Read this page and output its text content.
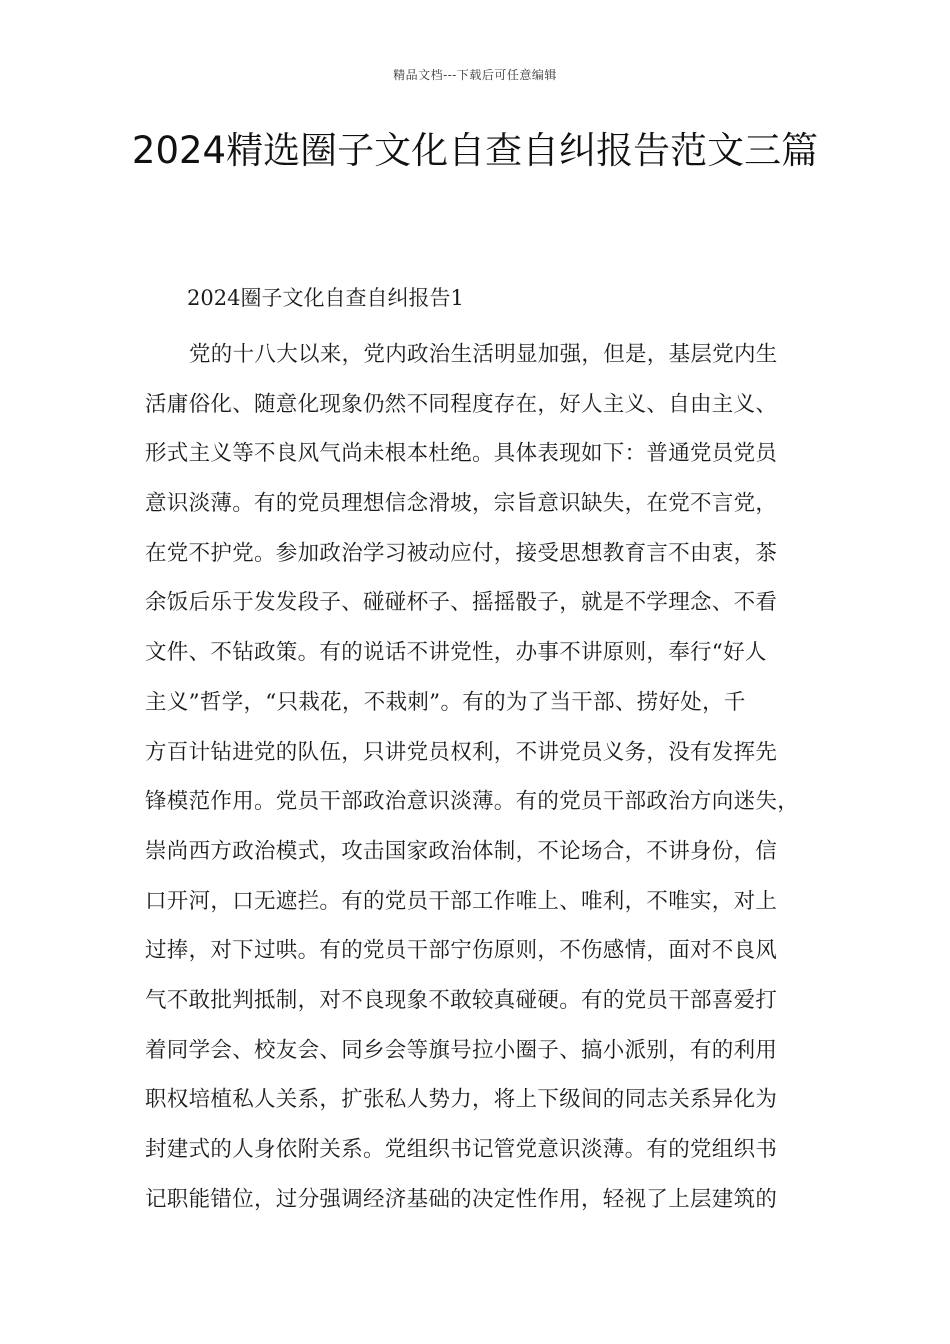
精品文档---下载后可任意编辑
2024精选圈子文化自查自纠报告范文三篇

2024圈子文化自查自纠报告1

党的十八大以来，党内政治生活明显加强，但是，基层党内生
活庸俗化、随意化现象仍然不同程度存在，好人主义、自由主义、
形式主义等不良风气尚未根本杜绝。具体表现如下：普通党员党员
意识淡薄。有的党员理想信念滑坡，宗旨意识缺失，在党不言党，
在党不护党。参加政治学习被动应付，接受思想教育言不由衷，茶
余饭后乐于发发段子、碰碰杯子、摇摇骰子，就是不学理念、不看
文件、不钻政策。有的说话不讲党性，办事不讲原则，奉行“好人
主义”哲学，“只栽花，不栽刺”。有的为了当干部、捞好处，千
方百计钻进党的队伍，只讲党员权利，不讲党员义务，没有发挥先
锋模范作用。党员干部政治意识淡薄。有的党员干部政治方向迷失，
崇尚西方政治模式，攻击国家政治体制，不论场合，不讲身份，信
口开河，口无遮拦。有的党员干部工作唯上、唯利，不唯实，对上
过捧，对下过哄。有的党员干部宁伤原则，不伤感情，面对不良风
气不敢批判抵制，对不良现象不敢较真碰硬。有的党员干部喜爱打
着同学会、校友会、同乡会等旗号拉小圈子、搞小派别，有的利用
职权培植私人关系，扩张私人势力，将上下级间的同志关系异化为
封建式的人身依附关系。党组织书记管党意识淡薄。有的党组织书
记职能错位，过分强调经济基础的决定性作用，轻视了上层建筑的
